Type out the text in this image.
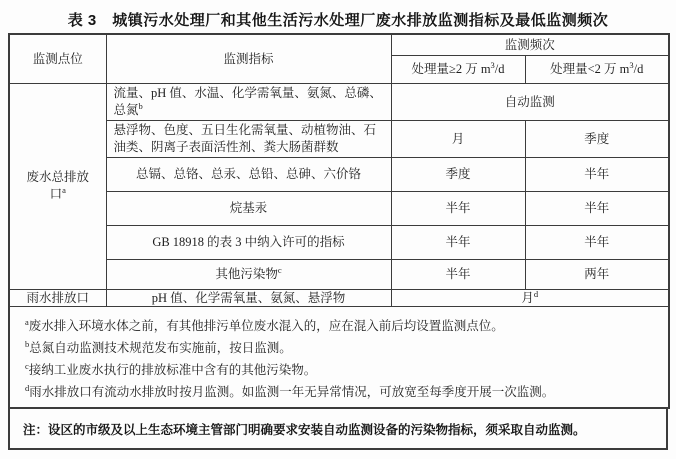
表 3　城镇污水处理厂和其他生活污水处理厂废水排放监测指标及最低监测频次
监测点位	监测指标	监测频次	
		处理量≥2 万 $m^3/d$	处理量<2 万 $m^3/d$
废水总排放口$^a$	流量、pH 值、水温、化学需氧量、氨氮、总磷、总氮$^b$	自动监测	
	悬浮物、色度、五日生化需氧量、动植物油、石油类、阴离子表面活性剂、粪大肠菌群数	月	季度
	总镉、总铬、总汞、总铅、总砷、六价铬	季度	半年
	烷基汞	半年	半年
	GB 18918 的表 3 中纳入许可的指标	半年	半年
	其他污染物$^c$	半年	两年
雨水排放口	pH 值、化学需氧量、氨氮、悬浮物	月$^d$

$^a$废水排入环境水体之前，有其他排污单位废水混入的，应在混入前后均设置监测点位。
$^b$总氮自动监测技术规范发布实施前，按日监测。
$^c$接纳工业废水执行的排放标准中含有的其他污染物。
$^d$雨水排放口有流动水排放时按月监测。如监测一年无异常情况，可放宽至每季度开展一次监测。			
注：设区的市级及以上生态环境主管部门明确要求安装自动监测设备的污染物指标，须采取自动监测。
